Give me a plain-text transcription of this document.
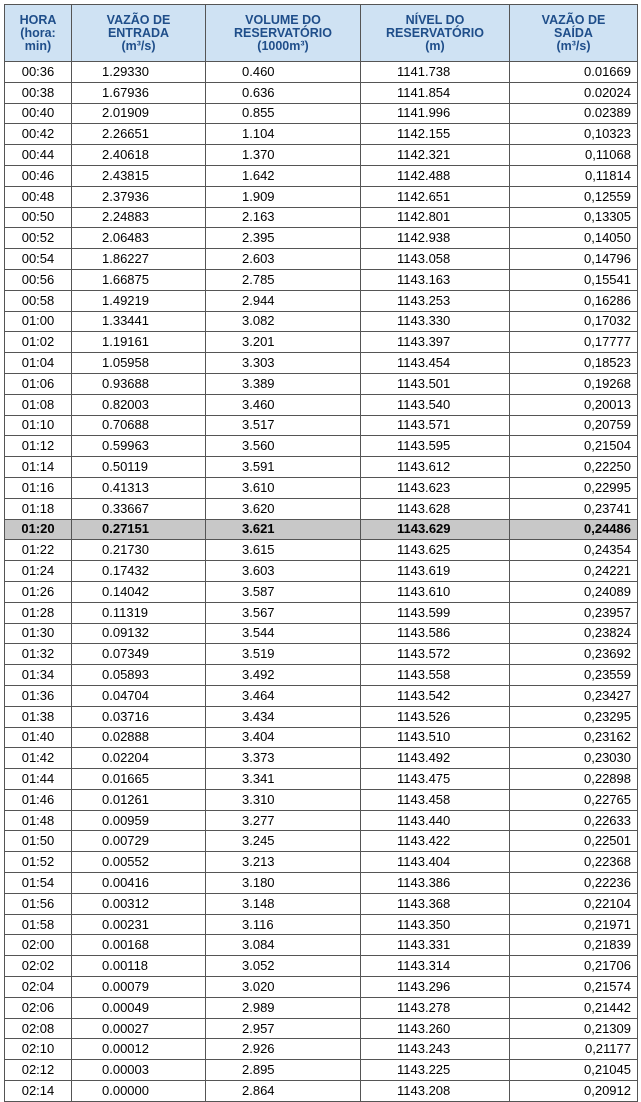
HORA
(hora:
min)	VAZÃO DE
ENTRADA
(m³/s)	VOLUME DO
RESERVATÓRIO
(1000m³)	NÍVEL DO
RESERVATÓRIO
(m)	VAZÃO DE
SAÍDA
(m³/s)

00:36	1.29330	0.460	1141.738	0.01669
00:38	1.67936	0.636	1141.854	0.02024
00:40	2.01909	0.855	1141.996	0.02389
00:42	2.26651	1.104	1142.155	0,10323
00:44	2.40618	1.370	1142.321	0,11068
00:46	2.43815	1.642	1142.488	0,11814
00:48	2.37936	1.909	1142.651	0,12559
00:50	2.24883	2.163	1142.801	0,13305
00:52	2.06483	2.395	1142.938	0,14050
00:54	1.86227	2.603	1143.058	0,14796
00:56	1.66875	2.785	1143.163	0,15541
00:58	1.49219	2.944	1143.253	0,16286
01:00	1.33441	3.082	1143.330	0,17032
01:02	1.19161	3.201	1143.397	0,17777
01:04	1.05958	3.303	1143.454	0,18523
01:06	0.93688	3.389	1143.501	0,19268
01:08	0.82003	3.460	1143.540	0,20013
01:10	0.70688	3.517	1143.571	0,20759
01:12	0.59963	3.560	1143.595	0,21504
01:14	0.50119	3.591	1143.612	0,22250
01:16	0.41313	3.610	1143.623	0,22995
01:18	0.33667	3.620	1143.628	0,23741
01:20	0.27151	3.621	1143.629	0,24486
01:22	0.21730	3.615	1143.625	0,24354
01:24	0.17432	3.603	1143.619	0,24221
01:26	0.14042	3.587	1143.610	0,24089
01:28	0.11319	3.567	1143.599	0,23957
01:30	0.09132	3.544	1143.586	0,23824
01:32	0.07349	3.519	1143.572	0,23692
01:34	0.05893	3.492	1143.558	0,23559
01:36	0.04704	3.464	1143.542	0,23427
01:38	0.03716	3.434	1143.526	0,23295
01:40	0.02888	3.404	1143.510	0,23162
01:42	0.02204	3.373	1143.492	0,23030
01:44	0.01665	3.341	1143.475	0,22898
01:46	0.01261	3.310	1143.458	0,22765
01:48	0.00959	3.277	1143.440	0,22633
01:50	0.00729	3.245	1143.422	0,22501
01:52	0.00552	3.213	1143.404	0,22368
01:54	0.00416	3.180	1143.386	0,22236
01:56	0.00312	3.148	1143.368	0,22104
01:58	0.00231	3.116	1143.350	0,21971
02:00	0.00168	3.084	1143.331	0,21839
02:02	0.00118	3.052	1143.314	0,21706
02:04	0.00079	3.020	1143.296	0,21574
02:06	0.00049	2.989	1143.278	0,21442
02:08	0.00027	2.957	1143.260	0,21309
02:10	0.00012	2.926	1143.243	0,21177
02:12	0.00003	2.895	1143.225	0,21045
02:14	0.00000	2.864	1143.208	0,20912
